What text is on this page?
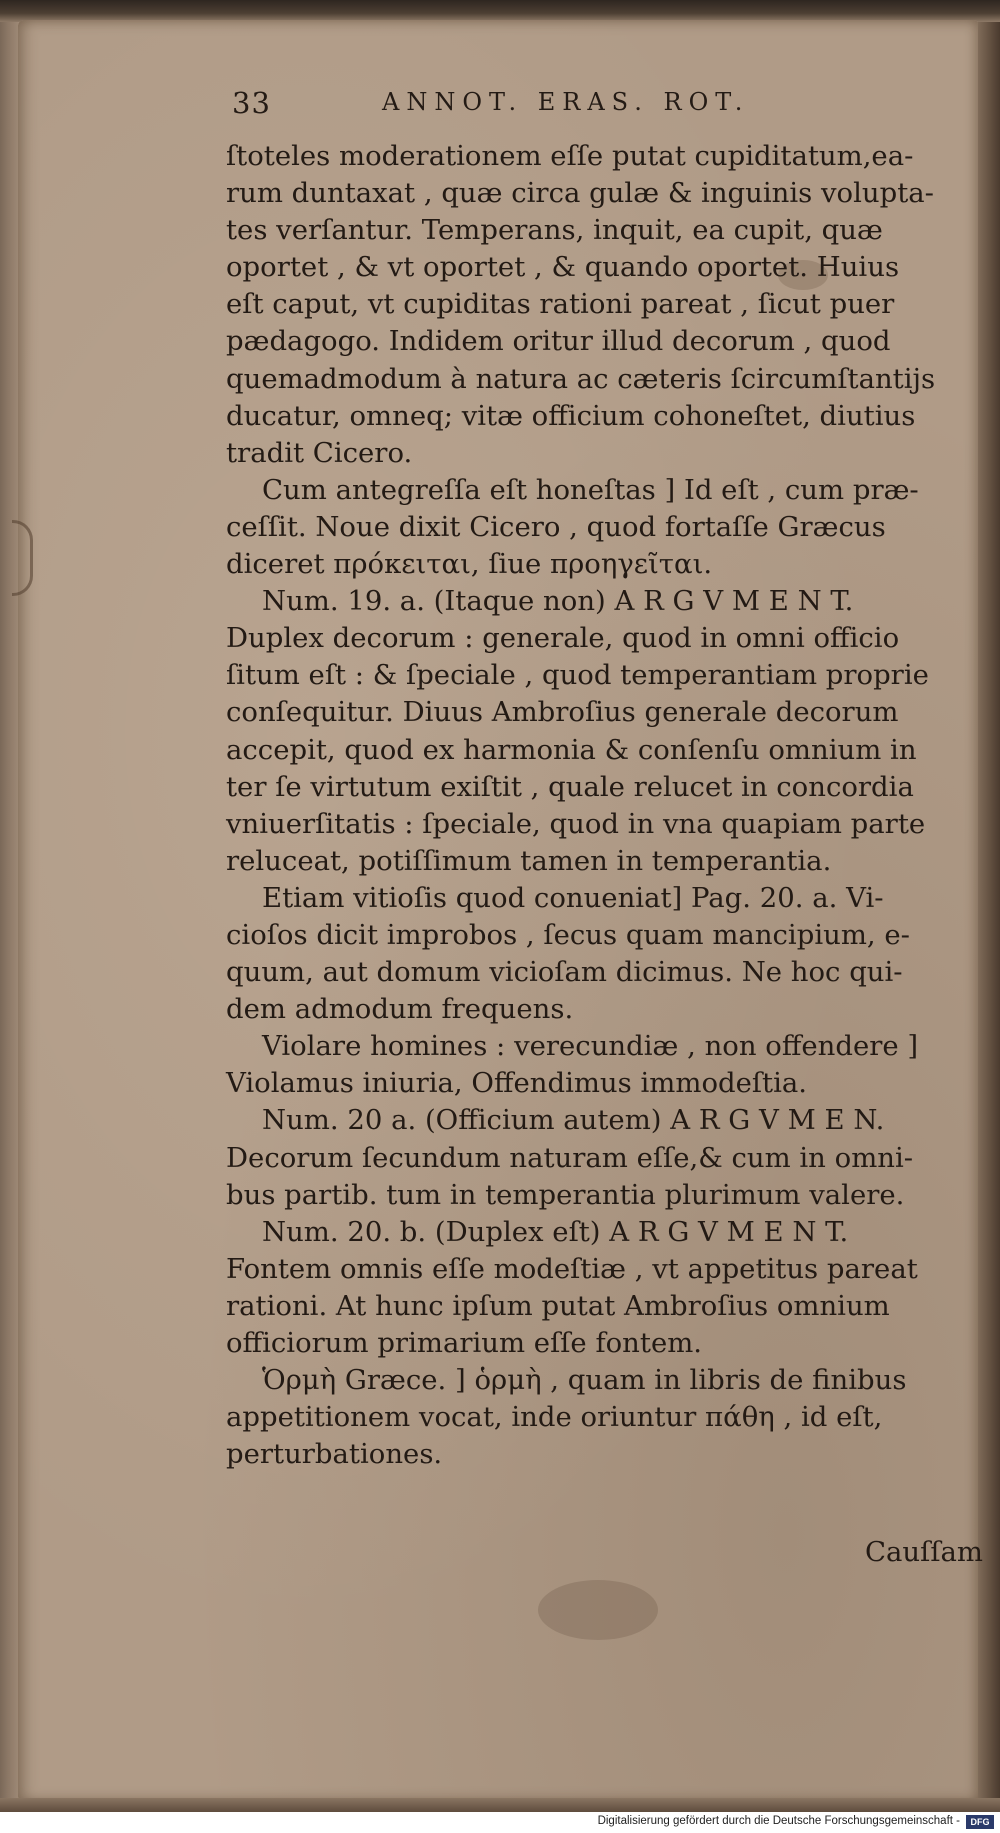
33	ANNOT. ERAS. ROT.
ſtoteles moderationem eſſe putat cupiditatum,ea-
rum duntaxat , quæ circa gulæ & inguinis volupta-
tes verſantur. Temperans, inquit, ea cupit, quæ
oportet , & vt oportet , & quando oportet. Huius
eſt caput, vt cupiditas rationi pareat , ſicut puer
pædagogo. Indidem oritur illud decorum , quod
quemadmodum à natura ac cæteris ſcircumſtantijs
ducatur, omneq; vitæ officium cohoneſtet, diutius
tradit Cicero.
Cum antegreſſa eſt honeſtas ] Id eſt , cum præ-
ceſſit. Noue dixit Cicero , quod fortaſſe Græcus
diceret πρόκειται, ſiue προηγεῖται.
Num. 19. a. (Itaque non) A R G V M E N T.
Duplex decorum : generale, quod in omni officio
ſitum eſt : & ſpeciale , quod temperantiam proprie
conſequitur. Diuus Ambroſius generale decorum
accepit, quod ex harmonia & conſenſu omnium in
ter ſe virtutum exiſtit , quale relucet in concordia
vniuerſitatis : ſpeciale, quod in vna quapiam parte
reluceat, potiſſimum tamen in temperantia.
Etiam vitioſis quod conueniat] Pag. 20. a. Vi-
cioſos dicit improbos , ſecus quam mancipium, e-
quum, aut domum vicioſam dicimus. Ne hoc qui-
dem admodum frequens.
Violare homines : verecundiæ , non offendere ]
Violamus iniuria, Offendimus immodeſtia.
Num. 20 a. (Officium autem) A R G V M E N.
Decorum ſecundum naturam eſſe,& cum in omni-
bus partib. tum in temperantia plurimum valere.
Num. 20. b. (Duplex eſt) A R G V M E N T.
Fontem omnis eſſe modeſtiæ , vt appetitus pareat
rationi. At hunc ipſum putat Ambroſius omnium
officiorum primarium eſſe fontem.
Ὁρμὴ Græce. ] ὁρμὴ , quam in libris de finibus
appetitionem vocat, inde oriuntur πάθη , id eſt,
perturbationes.
Cauſſam
Digitalisierung gefördert durch die Deutsche Forschungsgemeinschaft -	DFG
